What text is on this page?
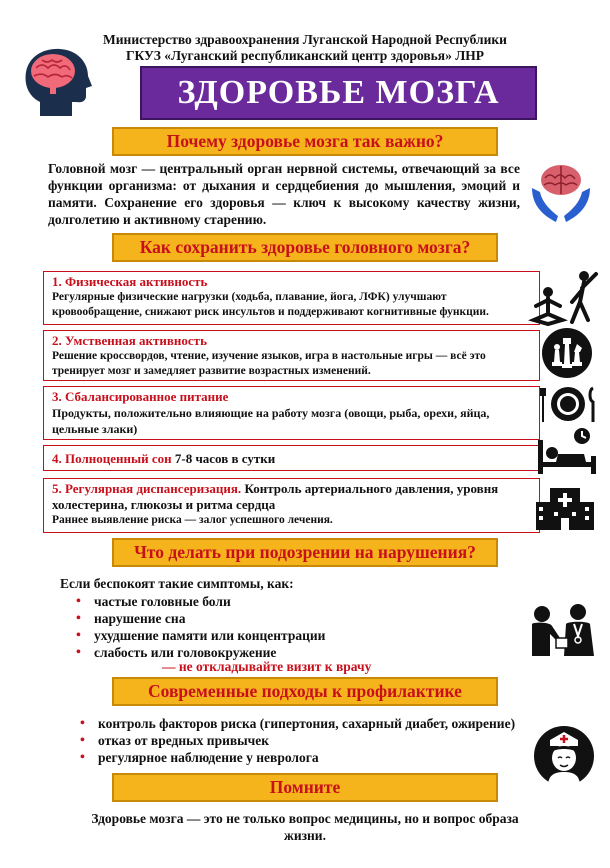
Министерство здравоохранения Луганской Народной Республики
ГКУЗ «Луганский республиканский центр здоровья» ЛНР
ЗДОРОВЬЕ МОЗГА
Почему здоровье мозга так важно?
Головной мозг — центральный орган нервной системы, отвечающий за все функции организма: от дыхания и сердцебиения до мышления, эмоций и памяти. Сохранение его здоровья — ключ к высокому качеству жизни, долголетию и активному старению.
Как сохранить здоровье головного мозга?
1. Физическая активность
Регулярные физические нагрузки (ходьба, плавание, йога, ЛФК) улучшают кровообращение, снижают риск инсультов и поддерживают когнитивные функции.
2. Умственная активность
Решение кроссвордов, чтение, изучение языков, игра в настольные игры — всё это тренирует мозг и замедляет развитие возрастных изменений.
3. Сбалансированное питание
Продукты, положительно влияющие на работу мозга (овощи, рыба, орехи, яйца, цельные злаки)
4. Полноценный сон 7-8 часов в сутки
5. Регулярная диспансеризация. Контроль артериального давления, уровня холестерина, глюкозы и ритма сердца
Раннее выявление риска — залог успешного лечения.
Что делать при подозрении на нарушения?
Если беспокоят такие симптомы, как:
• частые головные боли
• нарушение сна
• ухудшение памяти или концентрации
• слабость или головокружение
— не откладывайте визит к врачу
Современные подходы к профилактике
• контроль факторов риска (гипертония, сахарный диабет, ожирение)
• отказ от вредных привычек
• регулярное наблюдение у невролога
Помните
Здоровье мозга — это не только вопрос медицины, но и вопрос образа жизни.
